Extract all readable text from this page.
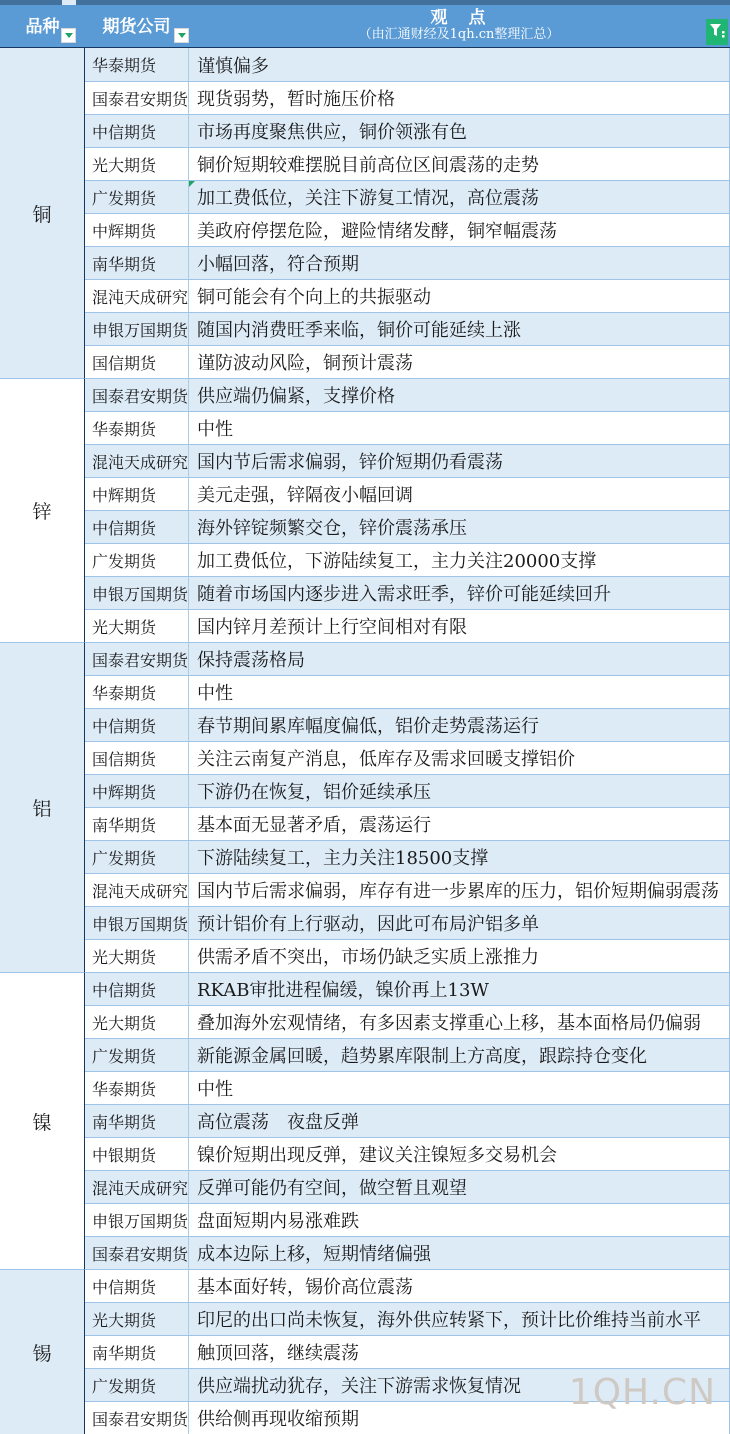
品种	期货公司	观　点
（由汇通财经及1qh.cn整理汇总）
铜
华泰期货	谨慎偏多
国泰君安期货 现货弱势，暂时施压价格
中信期货	市场再度聚焦供应，铜价领涨有色
光大期货	铜价短期较难摆脱目前高位区间震荡的走势
广发期货	加工费低位，关注下游复工情况，高位震荡
中辉期货	美政府停摆危险，避险情绪发酵，铜窄幅震荡
南华期货	小幅回落，符合预期
混沌天成研究 铜可能会有个向上的共振驱动
申银万国期货 随国内消费旺季来临，铜价可能延续上涨
国信期货	谨防波动风险，铜预计震荡
锌
国泰君安期货 供应端仍偏紧，支撑价格
华泰期货	中性
混沌天成研究 国内节后需求偏弱，锌价短期仍看震荡
中辉期货	美元走强，锌隔夜小幅回调
中信期货	海外锌锭频繁交仓，锌价震荡承压
广发期货	加工费低位，下游陆续复工，主力关注20000支撑
申银万国期货 随着市场国内逐步进入需求旺季，锌价可能延续回升
光大期货	国内锌月差预计上行空间相对有限
铝
国泰君安期货 保持震荡格局
华泰期货	中性
中信期货	春节期间累库幅度偏低，铝价走势震荡运行
国信期货	关注云南复产消息，低库存及需求回暖支撑铝价
中辉期货	下游仍在恢复，铝价延续承压
南华期货	基本面无显著矛盾，震荡运行
广发期货	下游陆续复工，主力关注18500支撑
混沌天成研究 国内节后需求偏弱，库存有进一步累库的压力，铝价短期偏弱震荡
申银万国期货 预计铝价有上行驱动，因此可布局沪铝多单
光大期货	供需矛盾不突出，市场仍缺乏实质上涨推力
镍
中信期货	RKAB审批进程偏缓，镍价再上13W
光大期货	叠加海外宏观情绪，有多因素支撑重心上移，基本面格局仍偏弱
广发期货	新能源金属回暖，趋势累库限制上方高度，跟踪持仓变化
华泰期货	中性
南华期货	高位震荡　夜盘反弹
中银期货	镍价短期出现反弹，建议关注镍短多交易机会
混沌天成研究 反弹可能仍有空间，做空暂且观望
申银万国期货 盘面短期内易涨难跌
国泰君安期货 成本边际上移，短期情绪偏强
锡
中信期货	基本面好转，锡价高位震荡
光大期货	印尼的出口尚未恢复，海外供应转紧下，预计比价维持当前水平
南华期货	触顶回落，继续震荡
广发期货	供应端扰动犹存，关注下游需求恢复情况
国泰君安期货 供给侧再现收缩预期
1QH.CN
